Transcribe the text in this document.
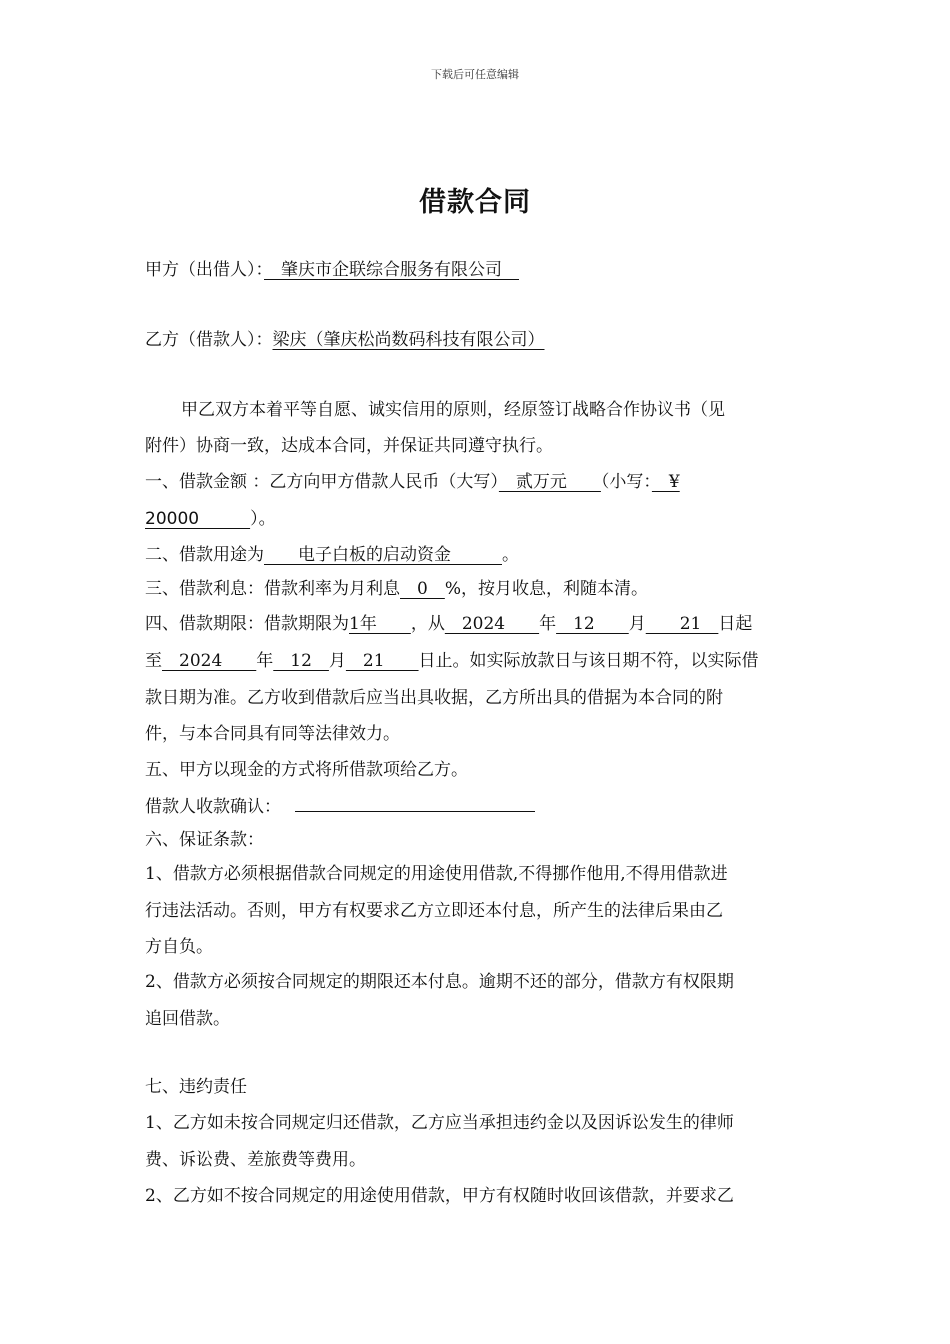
下载后可任意编辑
借款合同
甲方（出借人）：　肇庆市企联综合服务有限公司　
乙方（借款人）：梁庆（肇庆松尚数码科技有限公司）
甲乙双方本着平等自愿、诚实信用的原则，经原签订战略合作协议书（见
附件）协商一致，达成本合同，并保证共同遵守执行。
一、借款金额 ：乙方向甲方借款人民币（大写）　贰万元　　（小写：　¥
20000　　　）。
二、借款用途为　　电子白板的启动资金　　　。
三、借款利息：借款利率为月利息　0　%，按月收息，利随本清。
四、借款期限：借款期限为1年　　，从　2024　　年　12　　月　　21　日起
至　2024　　年　12　月　21　　日止。如实际放款日与该日期不符，以实际借
款日期为准。乙方收到借款后应当出具收据，乙方所出具的借据为本合同的附
件，与本合同具有同等法律效力。
五、甲方以现金的方式将所借款项给乙方。
借款人收款确认：
六、保证条款：
1、借款方必须根据借款合同规定的用途使用借款,不得挪作他用,不得用借款进
行违法活动。否则，甲方有权要求乙方立即还本付息，所产生的法律后果由乙
方自负。
2、借款方必须按合同规定的期限还本付息。逾期不还的部分，借款方有权限期
追回借款。
七、违约责任
1、乙方如未按合同规定归还借款，乙方应当承担违约金以及因诉讼发生的律师
费、诉讼费、差旅费等费用。
2、乙方如不按合同规定的用途使用借款，甲方有权随时收回该借款，并要求乙
